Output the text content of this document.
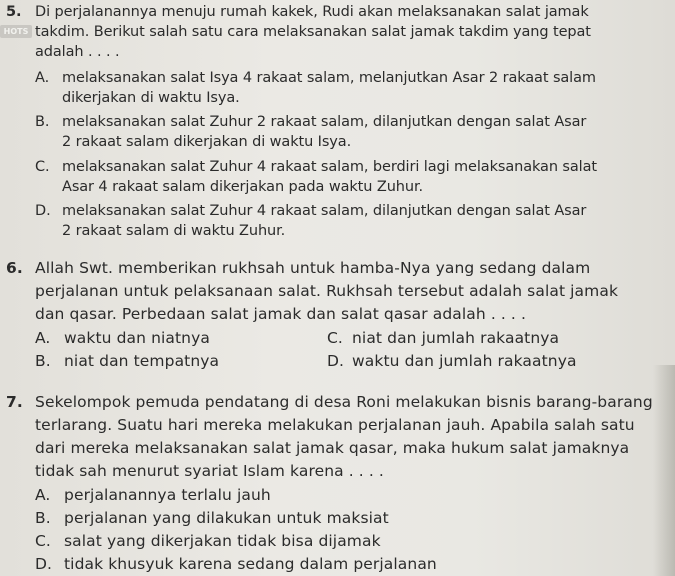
HOTS
5. Di perjalanannya menuju rumah kakek, Rudi akan melaksanakan salat jamak
takdim. Berikut salah satu cara melaksanakan salat jamak takdim yang tepat
adalah . . . .
A. melaksanakan salat Isya 4 rakaat salam, melanjutkan Asar 2 rakaat salam
dikerjakan di waktu Isya.
B. melaksanakan salat Zuhur 2 rakaat salam, dilanjutkan dengan salat Asar
2 rakaat salam dikerjakan di waktu Isya.
C. melaksanakan salat Zuhur 4 rakaat salam, berdiri lagi melaksanakan salat
Asar 4 rakaat salam dikerjakan pada waktu Zuhur.
D. melaksanakan salat Zuhur 4 rakaat salam, dilanjutkan dengan salat Asar
2 rakaat salam di waktu Zuhur.
6. Allah Swt. memberikan rukhsah untuk hamba-Nya yang sedang dalam
perjalanan untuk pelaksanaan salat. Rukhsah tersebut adalah salat jamak
dan qasar. Perbedaan salat jamak dan salat qasar adalah . . . .
A. waktu dan niatnya	C. niat dan jumlah rakaatnya
B. niat dan tempatnya	D. waktu dan jumlah rakaatnya
7. Sekelompok pemuda pendatang di desa Roni melakukan bisnis barang-barang
terlarang. Suatu hari mereka melakukan perjalanan jauh. Apabila salah satu
dari mereka melaksanakan salat jamak qasar, maka hukum salat jamaknya
tidak sah menurut syariat Islam karena . . . .
A. perjalanannya terlalu jauh
B. perjalanan yang dilakukan untuk maksiat
C. salat yang dikerjakan tidak bisa dijamak
D. tidak khusyuk karena sedang dalam perjalanan
